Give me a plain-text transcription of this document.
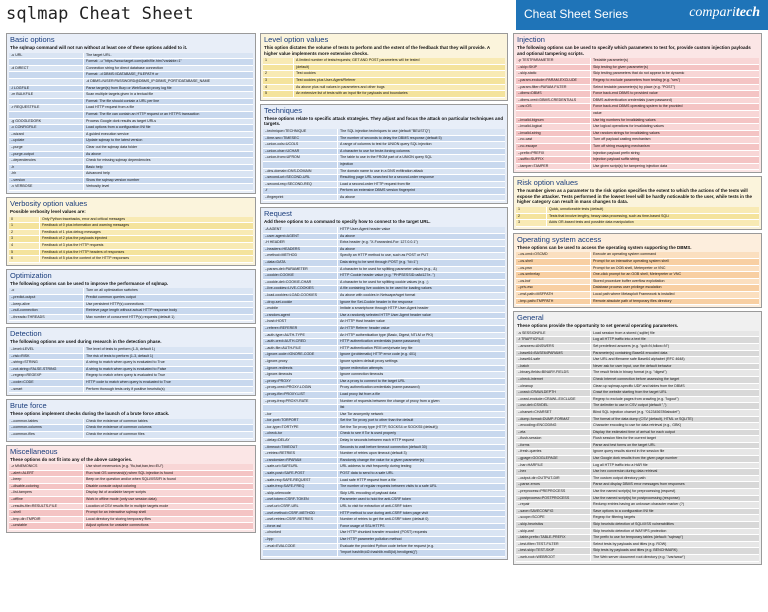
sqlmap Cheat Sheet	Cheat Sheet Series	comparitech
Basic options
The sqlmap command will not run without at least one of these options added to it.
-u URL	The target URL.
Format: -u "https://www.target.com/path/file.htm?variable=1"
-d DIRECT	Connection string for direct database connection
Format: -d DBMS://DATABASE_FILEPATH or
-d DBMS://USER:PASSWORD@DBMS_IP:DBMS_PORT/DATABASE_NAME
-l LOGFILE	Parse target(s) from Burp or WebScarab proxy log file
-m BULKFILE	Scan multiple targets given in a textual file
Format: The file should contain a URL per line
-r REQUESTFILE	Load HTTP request from a file
Format: The file can contain an HTTP request or an HTTPS transaction
-g GOOGLEDORK	Process Google dork results as target URLs
-c CONFIGFILE	Load options from a configuration INI file
--wizard	A guided execution service
--update	Update sqlmap to the latest version
--purge	Clear out the sqlmap data folder
--purge-output	As above
--dependencies	Check for missing sqlmap dependencies
-h	Basic help
-hh	Advanced help
--version	Show the sqlmap version number
-v VERBOSE	Verbosity level
Verbosity option values
Possible verbosity level values are:
0	Only Python tracebacks, error and critical messages
1	Feedback of 0 plus information and warning messages
2	Feedback of 1 plus debug messages
3	Feedback of 2 plus the payloads injected
4	Feedback of 3 plus the HTTP requests
5	Feedback of 4 plus the HTTP headers of responses
6	Feedback of 5 plus the content of the HTTP responses
Optimization
The following options can be used to improve the performance of sqlmap.
-o	Turn on all optimization switches
--predict-output	Predict common queries output
--keep-alive	Use persistent HTTP(s) connections
--null-connection	Retrieve page length without actual HTTP response body
--threads=THREADS	Max number of concurrent HTTP(s) requests (default 1)
Detection
The following options are used during research in the detection phase.
--level=LEVEL	The level of tests to perform (1-5, default 1)
--risk=RISK	The risk of tests to perform (1-3, default 1)
--string=STRING	A string to match when query is evaluated to True
--not-string=FALSE-STRING	A string to match when query is evaluated to False
--regexp=REGEXP	Regexp to match when query is evaluated to True
--code=CODE	HTTP code to match when query is evaluated to True
--smart	Perform thorough tests only if positive heuristic(s)
Brute force
These options implement checks during the launch of a brute force attack.
--common-tables	Check the existence of common tables
--common-columns	Check the existence of common columns
--common-files	Check the existence of common files
Miscellaneous
These options do not fit into any of the above categories.
-z MNEMONICS	Use short mnemonics (e.g. "flu,bat,ban,tec=EU")
--alert=ALERT	Run host OS command(s) when SQL injection is found
--beep	Beep on the question and/or when SQLi/XSS/FI is found
--disable-coloring	Disable console output coloring
--list-tampers	Display list of available tamper scripts
--offline	Work in offline mode (only use session data)
--results-file=RESULTS-FILE	Location of CSV results file in multiple targets mode
--shell	Prompt for an interactive sqlmap shell
--tmp-dir=TMPDIR	Local directory for storing temporary files
--unstable	Adjust options for unstable connections
Level option values
This option dictates the volume of tests to perform and the extent of the feedback that they will provide. A higher value implements more extensive checks.
1	A limited number of tests/requests; GET AND POST parameters will be tested
(default)
2	Test cookies
3	Test cookies plus User-Agent/Referer
4	As above plus null values in parameters and other bugs
5	An extensive list of tests with an input file for payloads and boundaries
Techniques
These options relate to specific attack strategies. They adjust and focus the attack on particular techniques and targets.
--technique=TECHNIQUE	The SQL injection techniques to use (default "BEUSTQ")
--time-sec=TIMESEC	The number of seconds to delay the DBMS response (default 5)
--union-cols=UCOLS	A range of columns to test for UNION query SQL injection
--union-char=UCHAR	A character to use for brute-forcing columns
--union-from=UFROM	The table to use in the FROM part of a UNION query SQL
injection
--dns-domain=DNS-DOMAIN	The domain name to use in a DNS exfiltration attack
--second-url=SECOND-URL	Resulting page URL searched for a second-order response
--second-req=SECOND-REQ	Load a second-order HTTP request from file
-f	Perform an extensive DBMS version fingerprint
--fingerprint	As above
Request
Add these options to a command to specify how to connect to the target URL.
-A AGENT	HTTP User-Agent header value
--user-agent=AGENT	As above
-H HEADER	Extra header (e.g. "X-Forwarded-For: 127.0.0.1")
--headers=HEADERS	As above
--method=METHOD	Specify an HTTP method to use, such as POST or PUT
--data=DATA	Data string to be sent through POST (e.g. "id=1")
--param-del=PARAMETER	A character to be used for splitting parameter values (e.g., &)
--cookie=COOKIE	HTTP Cookie header value (e.g. "PHPSESSID=a8d127e..")
--cookie-del=COOKIE-CHAR	A character to be used for splitting cookie values (e.g. ;)
--live-cookies=LIVE-COOKIES	A file containing live cookies to be used for loading values
--load-cookies=LOAD-COOKIES	As above with cookies in Netscape/wget format
--drop-set-cookie	Ignore the Set-Cookie header in the response
--mobile	Imitate a smartphone through HTTP User-Agent header
--random-agent	Use a randomly selected HTTP User-Agent header value
--host=HOST	An HTTP Host header value
--referer=REFERER	An HTTP Referer header value
--auth-type=AUTH-TYPE	An HTTP authentication type (Basic, Digest, NTLM or PKI)
--auth-cred=AUTH-CRED	HTTP authentication credentials (name:password)
--auth-file=AUTH-FILE	HTTP authentication PEM cert/private key file
--ignore-code=IGNORE-CODE	Ignore (problematic) HTTP error code (e.g. 401)
--ignore-proxy	Ignore system default proxy settings
--ignore-redirects	Ignore redirection attempts
--ignore-timeouts	Ignore connection timeouts
--proxy=PROXY	Use a proxy to connect to the target URL
--proxy-cred=PROXY-LOGIN	Proxy authentication credentials (name:password)
--proxy-file=PROXY-LIST	Load proxy list from a file
--proxy-freq=PROXY-RATE	Number of requests between the change of proxy from a given
list
--tor	Use Tor anonymity network
--tor-port=TORPORT	Set the Tor proxy port to other than the default
--tor-type=TORTYPE	Set the Tor proxy type (HTTP, SOCKS4 or SOCKS5 (default))
--check-tor	Check to see if Tor is used properly
--delay=DELAY	Delay in seconds between each HTTP request
--timeout=TIMEOUT	Seconds to wait before timeout connection (default 30)
--retries=RETRIES	Number of retries upon timeout (default 3)
--randomize=RPARAM	Randomly change the value for a given parameter(s)
--safe-url=SAFEURL	URL address to visit frequently during testing
--safe-post=SAFE-POST	POST data to send to a safe URL
--safe-req=SAFE-REQUEST	Load safe HTTP request from a file
--safe-freq=SAFE-FREQ	The number of regular requests between visits to a safe URL
--skip-urlencode	Skip URL encoding of payload data
--csrf-token=CSRF-TOKEN	Parameter used to hold the anti-CSRF token
--csrf-url=CSRF-URL	URL to visit for extraction of anti-CSRF token
--csrf-method=CSRF-METHOD	HTTP method to use during anti-CSRF token page visit
--csrf-retries=CSRF-RETRIES	Number of retries to get the anti-CSRF token (default 0)
--force-ssl	Force usage of SSL/HTTPS
--chunked	Use HTTP chunked transfer encoded (POST) requests
--hpp	Use HTTP parameter pollution method
--eval=EVALCODE	Evaluate the provided Python code before the request (e.g.
"import hashlib;id2=hashlib.md5(id).hexdigest()")
Injection
The following options can be used to specify which parameters to test for, provide custom injection payloads and optional tampering scripts.
-p TESTPARAMETER	Testable parameter(s)
--skip=SKIP	Skip testing for given parameter(s)
--skip-static	Skip testing parameters that do not appear to be dynamic
--param-exclude=PARAM-EXCLUDE	Regexp to exclude parameters from testing (e.g. "ses")
--param-filter=PARAM-FILTER	Select testable parameter(s) by place (e.g. "POST")
--dbms=DBMS	Force back-end DBMS to provided value
--dbms-cred=DBMS-CREDENTIALS	DBMS authentication credentials (user:password)
--os=OS	Force back-end DBMS operating system to the provided
value
--invalid-bignum	Use big numbers for invalidating values
--invalid-logical	Use logical operations for invalidating values
--invalid-string	Use random strings for invalidating values
--no-cast	Turn off payload casting mechanism
--no-escape	Turn off string escaping mechanism
--prefix=PREFIX	Injection payload prefix string
--suffix=SUFFIX	Injection payload suffix string
--tamper=TAMPER	Use given script(s) for tampering injection data
Risk option values
The number given as a parameter to the risk option specifies the extent to which the actions of the tests will expose the attacker. Tests performed in the lowest level will be hardly noticeable to the user, while tests in the higher category can result in mass changes to data.
1	Quick, unnoticeable tests (default)
2	Tests that involve lengthy, heavy data processing, such as time-based SQLi
3	Adds OR-based tests and possible data manipulation
Operating system access
These options can be used to access the operating system supporting the DBMS.
--os-cmd=OSCMD	Execute an operating system command
--os-shell	Prompt for an interactive operating system shell
--os-pwn	Prompt for an OOB shell, Meterpreter or VNC
--os-smbrelay	One-click prompt for an OOB shell, Meterpreter or VNC
--os-bof	Stored procedure buffer overflow exploitation
--priv-esc	Database process user privilege escalation
--msf-path=MSFPATH	Local path where Metasploit Framework is installed
--tmp-path=TMPPATH	Remote absolute path of temporary files directory
General
These options provide the opportunity to set general operating parameters.
-s SESSIONFILE	Load session from a stored (.sqlite) file
-t TRAFFICFILE	Log all HTTP traffic into a text file
--answers=ANSWERS	Set predefined answers (e.g. "quit=N,follow=N")
--base64=BASE64PARAMS	Parameter(s) containing Base64 encoded data
--base64-safe	Use URL and filename safe Base64 alphabet (RFC 4648)
--batch	Never ask for user input, use the default behavior
--binary-fields=BINARY-FIELDS	The result fields in binary format (e.g. "digest")
--check-internet	Check Internet connection before assessing the target
--cleanup	Clean up sqlmap-specific UDF and tables from the DBMS
--crawl=CRAWLDEPTH	Crawl the website starting from the target URL
--crawl-exclude=CRAWL-EXCLUDE	Regexp to exclude pages from crawling (e.g. "logout")
--csv-del=CSVDEL	The delimiter to use in CSV output (default ",")
--charset=CHARSET	Blind SQL injection charset (e.g. "0123456789abcdef")
--dump-format=DUMP-FORMAT	The format of the data dump (CSV (default), HTML or SQLITE)
--encoding=ENCODING	Character encoding to use for data retrieval (e.g., GBK)
--eta	Display the estimated time of arrival for each output
--flush-session	Flush session files for the current target
--forms	Parse and test forms on the target URL
--fresh-queries	Ignore query results stored in the session file
--gpage=GOOGLEPAGE	Use Google dork results from the given page number
--har=HARFILE	Log all HTTP traffic into a HAR file
--hex	Use hex conversion during data retrieval
--output-dir=OUTPUT-DIR	The custom output directory path
--parse-errors	Parse and display DBMS error messages from responses
--preprocess=PREPROCESS	Use the named script(s) for preprocessing (request)
--postprocess=POSTPROCESS	Use the named script(s) for postprocessing (response)
--repair	Redump entries having an unknown character marker (?)
--save=SAVECONFIG	Save options to a configuration INI file
--scope=SCOPE	Regexp for filtering targets
--skip-heuristics	Skip heuristic detection of SQLi/XSS vulnerabilities
--skip-waf	Skip heuristic detection of WAF/IPS protection
--table-prefix=TABLE-PREFIX	The prefix to use for temporary tables (default: "sqlmap")
--test-filter=TEST-FILTER	Select tests by payloads and titles (e.g. ROW)
--test-skip=TEST-SKIP	Skip tests by payloads and titles (e.g. BENCHMARK)
--web-root=WEBROOT	The Web server document root directory (e.g. "/var/www")
